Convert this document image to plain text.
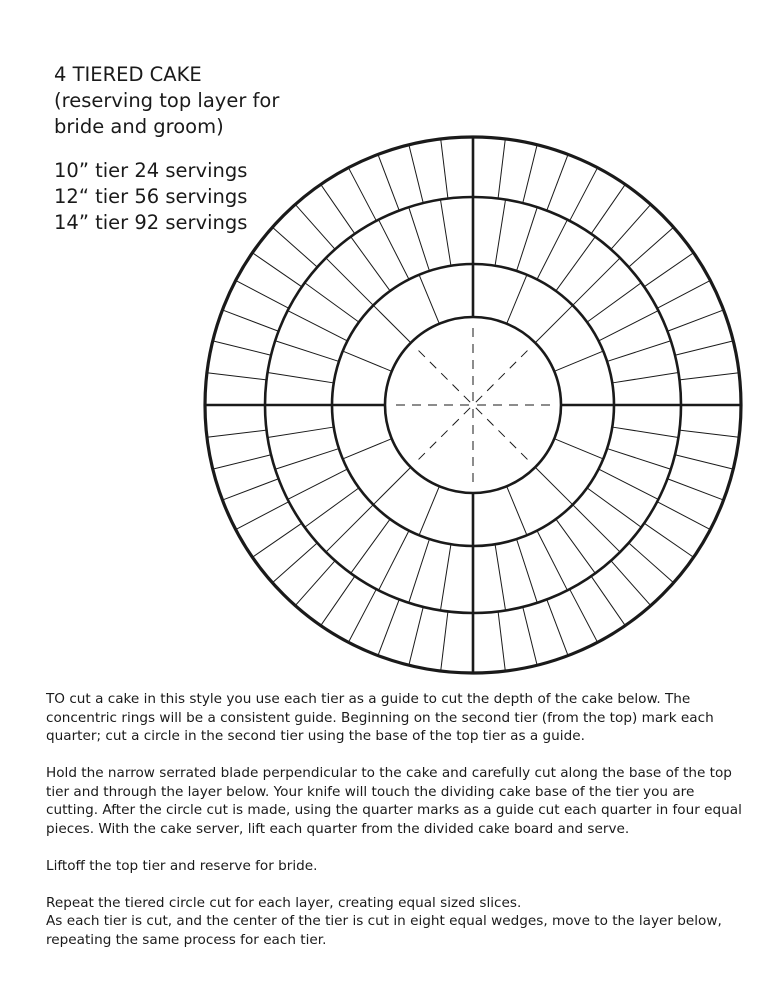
4 TIERED CAKE
(reserving top layer for
bride and groom)
10” tier 24 servings
12“ tier 56 servings
14” tier 92 servings

TO cut a cake in this style you use each tier as a guide to cut the depth of the cake below. The concentric rings will be a consistent guide. Beginning on the second tier (from the top) mark each quarter; cut a circle in the second tier using the base of the top tier as a guide.

Hold the narrow serrated blade perpendicular to the cake and carefully cut along the base of the top tier and through the layer below. Your knife will touch the dividing cake base of the tier you are cutting. After the circle cut is made, using the quarter marks as a guide cut each quarter in four equal pieces. With the cake server, lift each quarter from the divided cake board and serve.

Liftoff the top tier and reserve for bride.

Repeat the tiered circle cut for each layer, creating equal sized slices.

As each tier is cut, and the center of the tier is cut in eight equal wedges, move to the layer below, repeating the same process for each tier.
